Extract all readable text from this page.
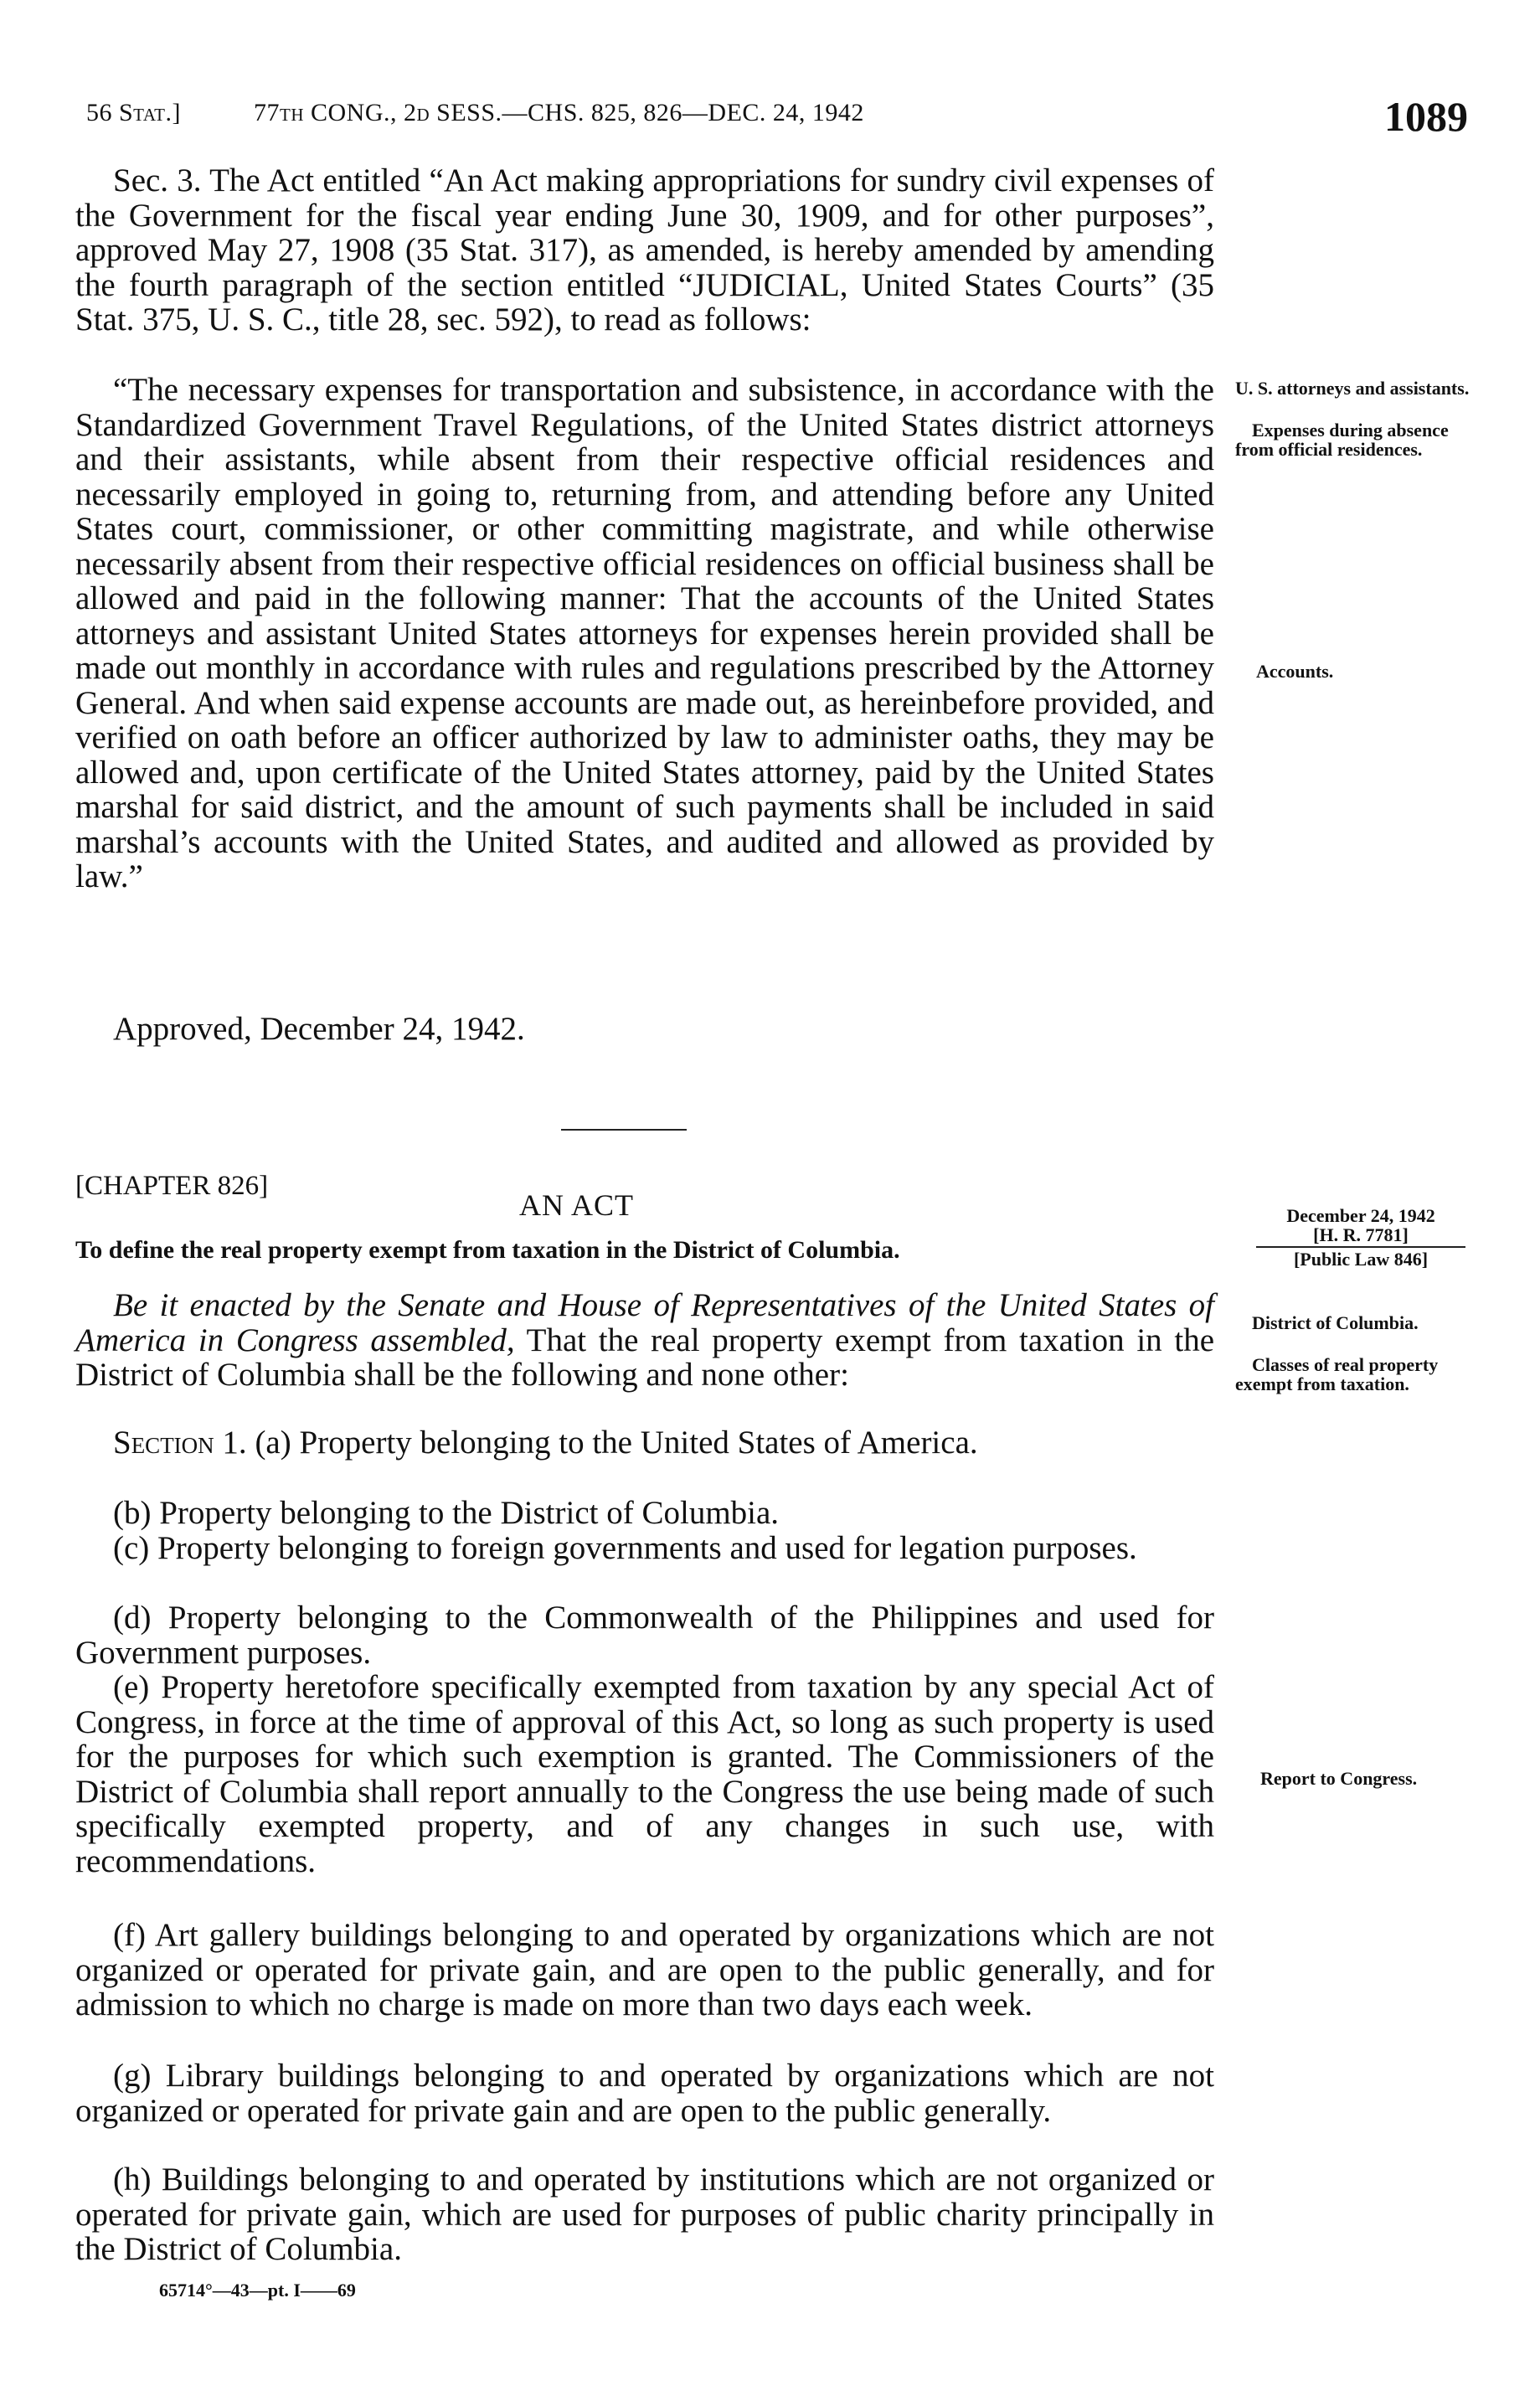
56 Stat.]	77th CONG., 2d SESS.—CHS. 825, 826—DEC. 24, 1942	1089

Sec. 3. The Act entitled “An Act making appropriations for sundry civil expenses of the Government for the fiscal year ending June 30, 1909, and for other purposes”, approved May 27, 1908 (35 Stat. 317), as amended, is hereby amended by amending the fourth paragraph of the section entitled “JUDICIAL, United States Courts” (35 Stat. 375, U. S. C., title 28, sec. 592), to read as follows:

“The necessary expenses for transportation and subsistence, in accordance with the Standardized Government Travel Regulations, of the United States district attorneys and their assistants, while absent from their respective official residences and necessarily employed in going to, returning from, and attending before any United States court, commissioner, or other committing magistrate, and while otherwise necessarily absent from their respective official residences on official business shall be allowed and paid in the following manner: That the accounts of the United States attorneys and assistant United States attorneys for expenses herein provided shall be made out monthly in accordance with rules and regulations prescribed by the Attorney General. And when said expense accounts are made out, as hereinbefore provided, and verified on oath before an officer authorized by law to administer oaths, they may be allowed and, upon certificate of the United States attorney, paid by the United States marshal for said district, and the amount of such payments shall be included in said marshal’s accounts with the United States, and audited and allowed as provided by law.”

Approved, December 24, 1942.

U. S. attorneys and assistants.
Expenses during absence from official residences.
Accounts.
[CHAPTER 826]
AN ACT
To define the real property exempt from taxation in the District of Columbia.
December 24, 1942
[H. R. 7781]
[Public Law 846]

Be it enacted by the Senate and House of Representatives of the United States of America in Congress assembled, That the real property exempt from taxation in the District of Columbia shall be the following and none other:

Section 1. (a) Property belonging to the United States of America.

(b) Property belonging to the District of Columbia.

(c) Property belonging to foreign governments and used for legation purposes.

(d) Property belonging to the Commonwealth of the Philippines and used for Government purposes.

(e) Property heretofore specifically exempted from taxation by any special Act of Congress, in force at the time of approval of this Act, so long as such property is used for the purposes for which such exemption is granted. The Commissioners of the District of Columbia shall report annually to the Congress the use being made of such specifically exempted property, and of any changes in such use, with recommendations.

(f) Art gallery buildings belonging to and operated by organizations which are not organized or operated for private gain, and are open to the public generally, and for admission to which no charge is made on more than two days each week.

(g) Library buildings belonging to and operated by organizations which are not organized or operated for private gain and are open to the public generally.

(h) Buildings belonging to and operated by institutions which are not organized or operated for private gain, which are used for purposes of public charity principally in the District of Columbia.

District of Columbia.
Classes of real property exempt from taxation.
Report to Congress.
65714°—43—pt. I——69
